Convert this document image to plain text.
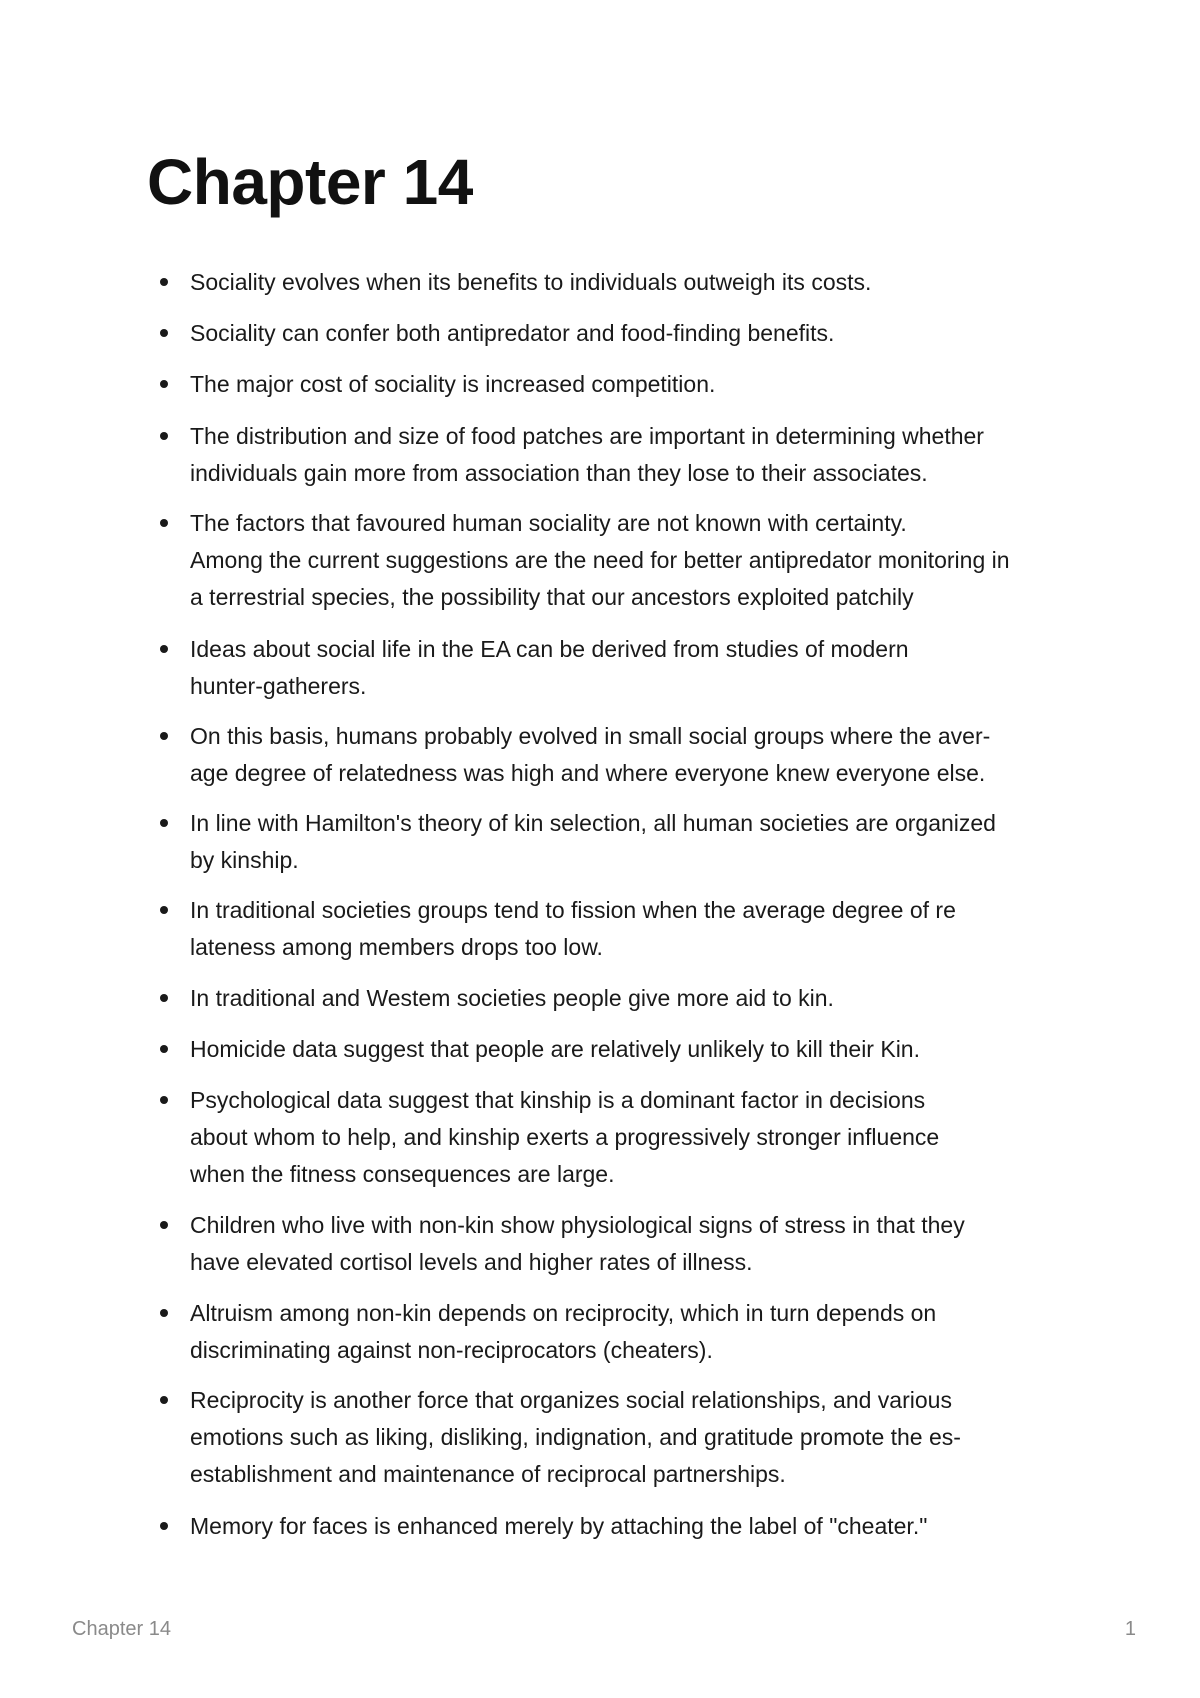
Chapter 14
Sociality evolves when its benefits to individuals outweigh its costs.
Sociality can confer both antipredator and food-finding benefits.
The major cost of sociality is increased competition.
The distribution and size of food patches are important in determining whether
individuals gain more from association than they lose to their associates.
The factors that favoured human sociality are not known with certainty.
Among the current suggestions are the need for better antipredator monitoring in
a terrestrial species, the possibility that our ancestors exploited patchily
Ideas about social life in the EA can be derived from studies of modern
hunter-gatherers.
On this basis, humans probably evolved in small social groups where the aver-
age degree of relatedness was high and where everyone knew everyone else.
In line with Hamilton's theory of kin selection, all human societies are organized
by kinship.
In traditional societies groups tend to fission when the average degree of re
lateness among members drops too low.
In traditional and Westem societies people give more aid to kin.
Homicide data suggest that people are relatively unlikely to kill their Kin.
Psychological data suggest that kinship is a dominant factor in decisions
about whom to help, and kinship exerts a progressively stronger influence
when the fitness consequences are large.
Children who live with non-kin show physiological signs of stress in that they
have elevated cortisol levels and higher rates of illness.
Altruism among non-kin depends on reciprocity, which in turn depends on
discriminating against non-reciprocators (cheaters).
Reciprocity is another force that organizes social relationships, and various
emotions such as liking, disliking, indignation, and gratitude promote the es-
establishment and maintenance of reciprocal partnerships.
Memory for faces is enhanced merely by attaching the label of "cheater."
Chapter 14	1
